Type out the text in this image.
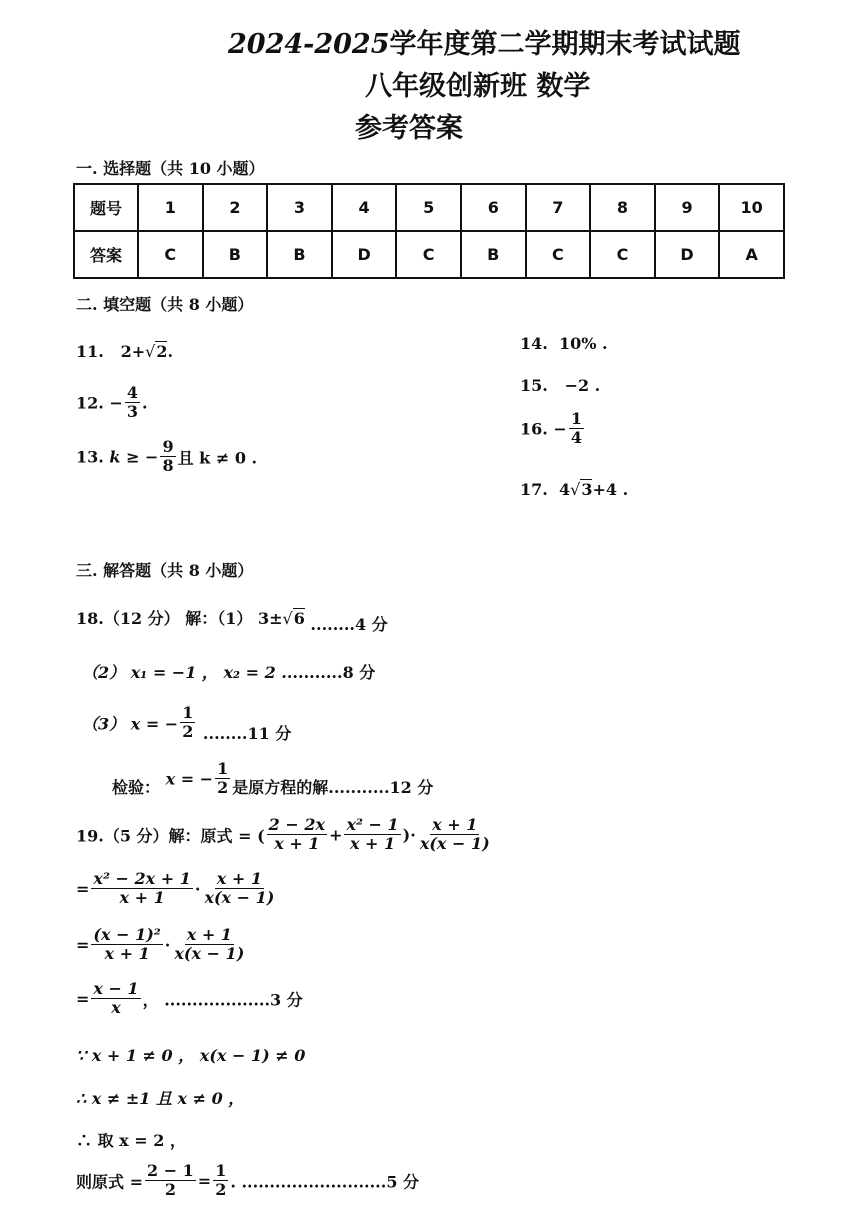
2024-2025学年度第二学期期末考试试题
八年级创新班 数学
参考答案
一. 选择题（共 10 小题）
题号	1	2	3	4	5	6	7	8	9	10
答案	C	B	B	D	C	B	C	C	D	A
二. 填空题（共 8 小题）
11. 2+√2.
12. − $\frac{4}{3}$ .
13. k ≥ − $\frac{9}{8}$ 且 k ≠ 0 .
14. 10% .
15. −2 .
16. − $\frac{1}{4}$
17. 4√3+4 .
三. 解答题（共 8 小题）
18.（12 分） 解：（1） 3±√6 ........4 分
（2） x₁ = −1 ， x₂ = 2 ...........8 分
（3） x = − $\frac{1}{2} ........11$ 分
检验： x = − $\frac{1}{2}$ 是原方程的解...........12 分
19.（5 分）解：原式 = ( $\frac{2 - 2x}{x + 1} + \frac{\text{x² − 1}}{x + 1}$ )· $\frac{x + 1}{x(x - 1)}$
= $\frac{\text{x² − 2x + 1}}{x + 1} \cdot \frac{x + 1}{x(x - 1)}$
= $\frac{\text{(x − 1)²}}{x + 1} \cdot \frac{x + 1}{x(x - 1)}$
= $\frac{x - 1}{x}$ ， ...................3 分
∵ x + 1 ≠ 0 ， x(x − 1) ≠ 0
∴ x ≠ ±1 且 x ≠ 0 ，
∴ 取 x = 2 ，
则原式 = $\frac{2 - 1}{2} = \frac{1}{2}$ . ..........................5 分
